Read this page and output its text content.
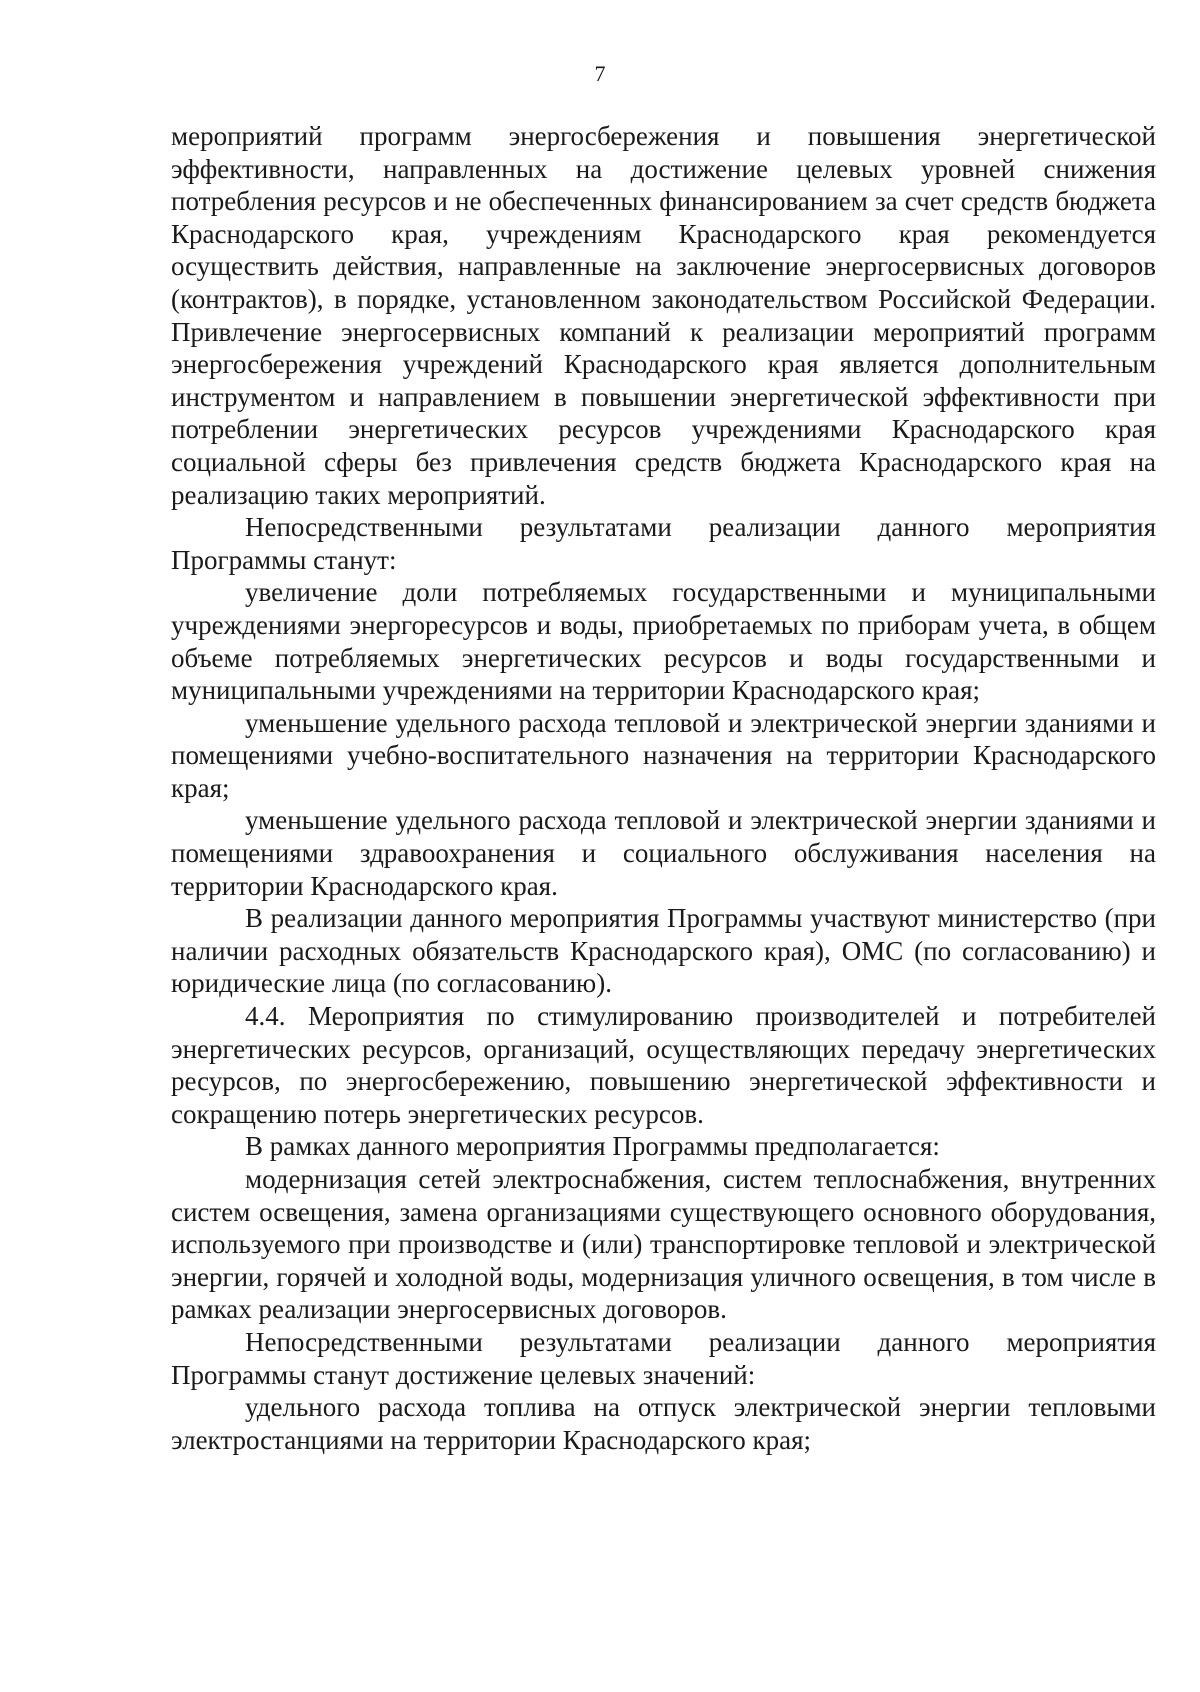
7

мероприятий программ энергосбережения и повышения энергетической эффективности, направленных на достижение целевых уровней снижения потребления ресурсов и не обеспеченных финансированием за счет средств бюджета Краснодарского края, учреждениям Краснодарского края рекомендуется осуществить действия, направленные на заключение энергосервисных договоров (контрактов), в порядке, установленном законодательством Российской Федерации. Привлечение энергосервисных компаний к реализации мероприятий программ энергосбережения учреждений Краснодарского края является дополнительным инструментом и направлением в повышении энергетической эффективности при потреблении энергетических ресурсов учреждениями Краснодарского края социальной сферы без привлечения средств бюджета Краснодарского края на реализацию таких мероприятий.

Непосредственными результатами реализации данного мероприятия Программы станут:

увеличение доли потребляемых государственными и муниципальными учреждениями энергоресурсов и воды, приобретаемых по приборам учета, в общем объеме потребляемых энергетических ресурсов и воды государственными и муниципальными учреждениями на территории Краснодарского края;

уменьшение удельного расхода тепловой и электрической энергии зданиями и помещениями учебно-воспитательного назначения на территории Краснодарского края;

уменьшение удельного расхода тепловой и электрической энергии зданиями и помещениями здравоохранения и социального обслуживания населения на территории Краснодарского края.

В реализации данного мероприятия Программы участвуют министерство (при наличии расходных обязательств Краснодарского края), ОМС (по согласованию) и юридические лица (по согласованию).

4.4. Мероприятия по стимулированию производителей и потребителей энергетических ресурсов, организаций, осуществляющих передачу энергетических ресурсов, по энергосбережению, повышению энергетической эффективности и сокращению потерь энергетических ресурсов.

В рамках данного мероприятия Программы предполагается:

модернизация сетей электроснабжения, систем теплоснабжения, внутренних систем освещения, замена организациями существующего основного оборудования, используемого при производстве и (или) транспортировке тепловой и электрической энергии, горячей и холодной воды, модернизация уличного освещения, в том числе в рамках реализации энергосервисных договоров.

Непосредственными результатами реализации данного мероприятия Программы станут достижение целевых значений:

удельного расхода топлива на отпуск электрической энергии тепловыми электростанциями на территории Краснодарского края;
